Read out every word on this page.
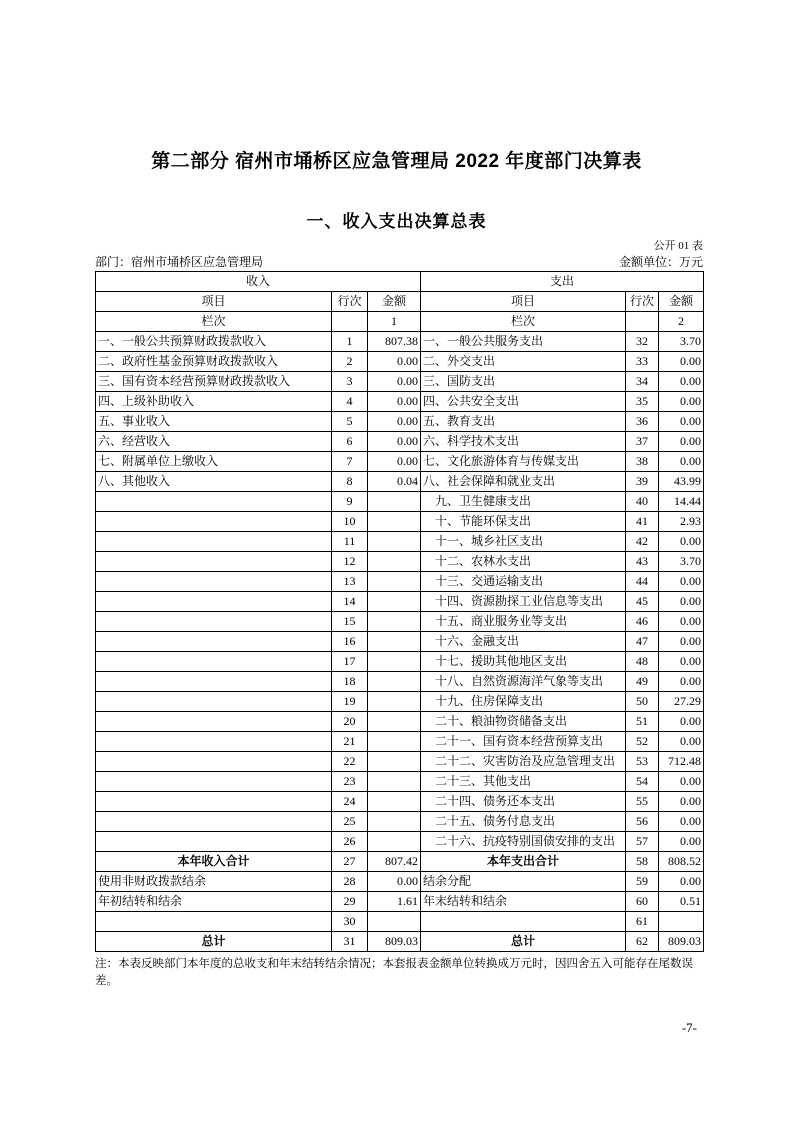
第二部分 宿州市埇桥区应急管理局 2022 年度部门决算表
一、收入支出决算总表
公开 01 表
部门：宿州市埇桥区应急管理局	金额单位：万元
收入			支出		
项目	行次	金额	项目	行次	金额
栏次		1	栏次		2
一、一般公共预算财政拨款收入	1	807.38	一、一般公共服务支出	32	3.70
二、政府性基金预算财政拨款收入	2	0.00	二、外交支出	33	0.00
三、国有资本经营预算财政拨款收入	3	0.00	三、国防支出	34	0.00
四、上级补助收入	4	0.00	四、公共安全支出	35	0.00
五、事业收入	5	0.00	五、教育支出	36	0.00
六、经营收入	6	0.00	六、科学技术支出	37	0.00
七、附属单位上缴收入	7	0.00	七、文化旅游体育与传媒支出	38	0.00
八、其他收入	8	0.04	八、社会保障和就业支出	39	43.99
	9		　九、卫生健康支出	40	14.44
	10		　十、节能环保支出	41	2.93
	11		　十一、城乡社区支出	42	0.00
	12		　十二、农林水支出	43	3.70
	13		　十三、交通运输支出	44	0.00
	14		　十四、资源勘探工业信息等支出	45	0.00
	15		　十五、商业服务业等支出	46	0.00
	16		　十六、金融支出	47	0.00
	17		　十七、援助其他地区支出	48	0.00
	18		　十八、自然资源海洋气象等支出	49	0.00
	19		　十九、住房保障支出	50	27.29
	20		　二十、粮油物资储备支出	51	0.00
	21		　二十一、国有资本经营预算支出	52	0.00
	22		　二十二、灾害防治及应急管理支出	53	712.48
	23		　二十三、其他支出	54	0.00
	24		　二十四、债务还本支出	55	0.00
	25		　二十五、债务付息支出	56	0.00
	26		　二十六、抗疫特别国债安排的支出	57	0.00
本年收入合计	27	807.42	本年支出合计	58	808.52
使用非财政拨款结余	28	0.00	结余分配	59	0.00
年初结转和结余	29	1.61	年末结转和结余	60	0.51
	30			61	
总计	31	809.03	总计	62	809.03
注：本表反映部门本年度的总收支和年末结转结余情况；本套报表金额单位转换成万元时，因四舍五入可能存在尾数误差。
-7-
